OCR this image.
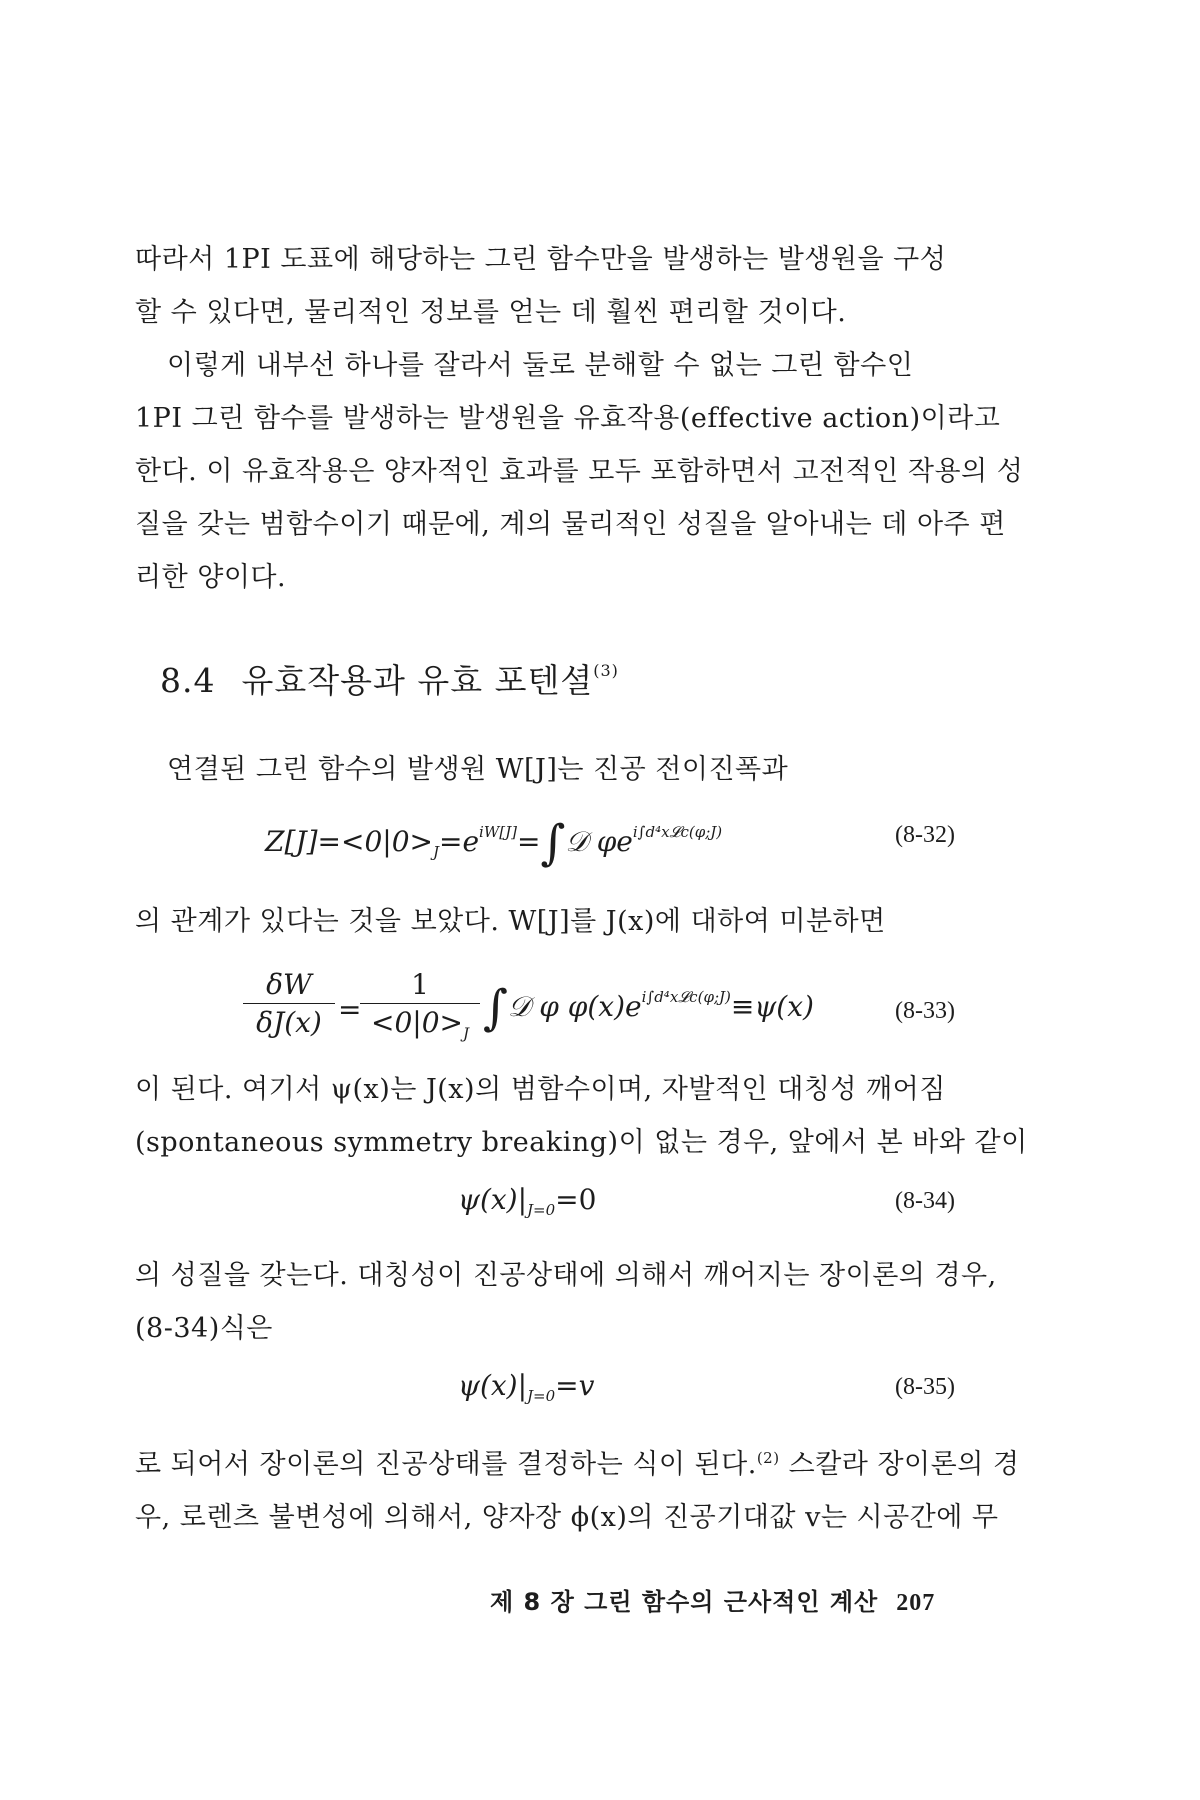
따라서 1PI 도표에 해당하는 그린 함수만을 발생하는 발생원을 구성
할 수 있다면, 물리적인 정보를 얻는 데 훨씬 편리할 것이다.

이렇게 내부선 하나를 잘라서 둘로 분해할 수 없는 그린 함수인
1PI 그린 함수를 발생하는 발생원을 유효작용(effective action)이라고
한다. 이 유효작용은 양자적인 효과를 모두 포함하면서 고전적인 작용의 성
질을 갖는 범함수이기 때문에, 계의 물리적인 성질을 알아내는 데 아주 편
리한 양이다.

8.4 유효작용과 유효 포텐셜$^{(3)}$

연결된 그린 함수의 발생원 W[J]는 진공 전이진폭과

$Z[J]=<0|0>_J=e^{iW[J]}=\int 𝒟$ $\varphi e^{i\int d^4x𝓛c(\varphi;J)}$	(8-32)

의 관계가 있다는 것을 보았다. W[J]를 J(x)에 대하여 미분하면

$\frac{\delta W}{\delta J(x)}$ =
$\frac{1}{<0|0>_J}$ ∫𝒟 φ $\varphi(x)e^{i\int d^4x𝓛c(\varphi;J)}\equiv\psi(x)$	(8-33)

이 된다. 여기서 ψ(x)는 J(x)의 범함수이며, 자발적인 대칭성 깨어짐
(spontaneous symmetry breaking)이 없는 경우, 앞에서 본 바와 같이

$\psi(x)|_{J=0}=0$	(8-34)

의 성질을 갖는다. 대칭성이 진공상태에 의해서 깨어지는 장이론의 경우,
(8-34)식은

$\psi(x)|_{J=0}=v$	(8-35)

로 되어서 장이론의 진공상태를 결정하는 식이 된다.$^{(2)}$ 스칼라 장이론의 경
우, 로렌츠 불변성에 의해서, 양자장 ϕ(x)의 진공기대값 v는 시공간에 무

제 8 장 그린 함수의 근사적인 계산 207
